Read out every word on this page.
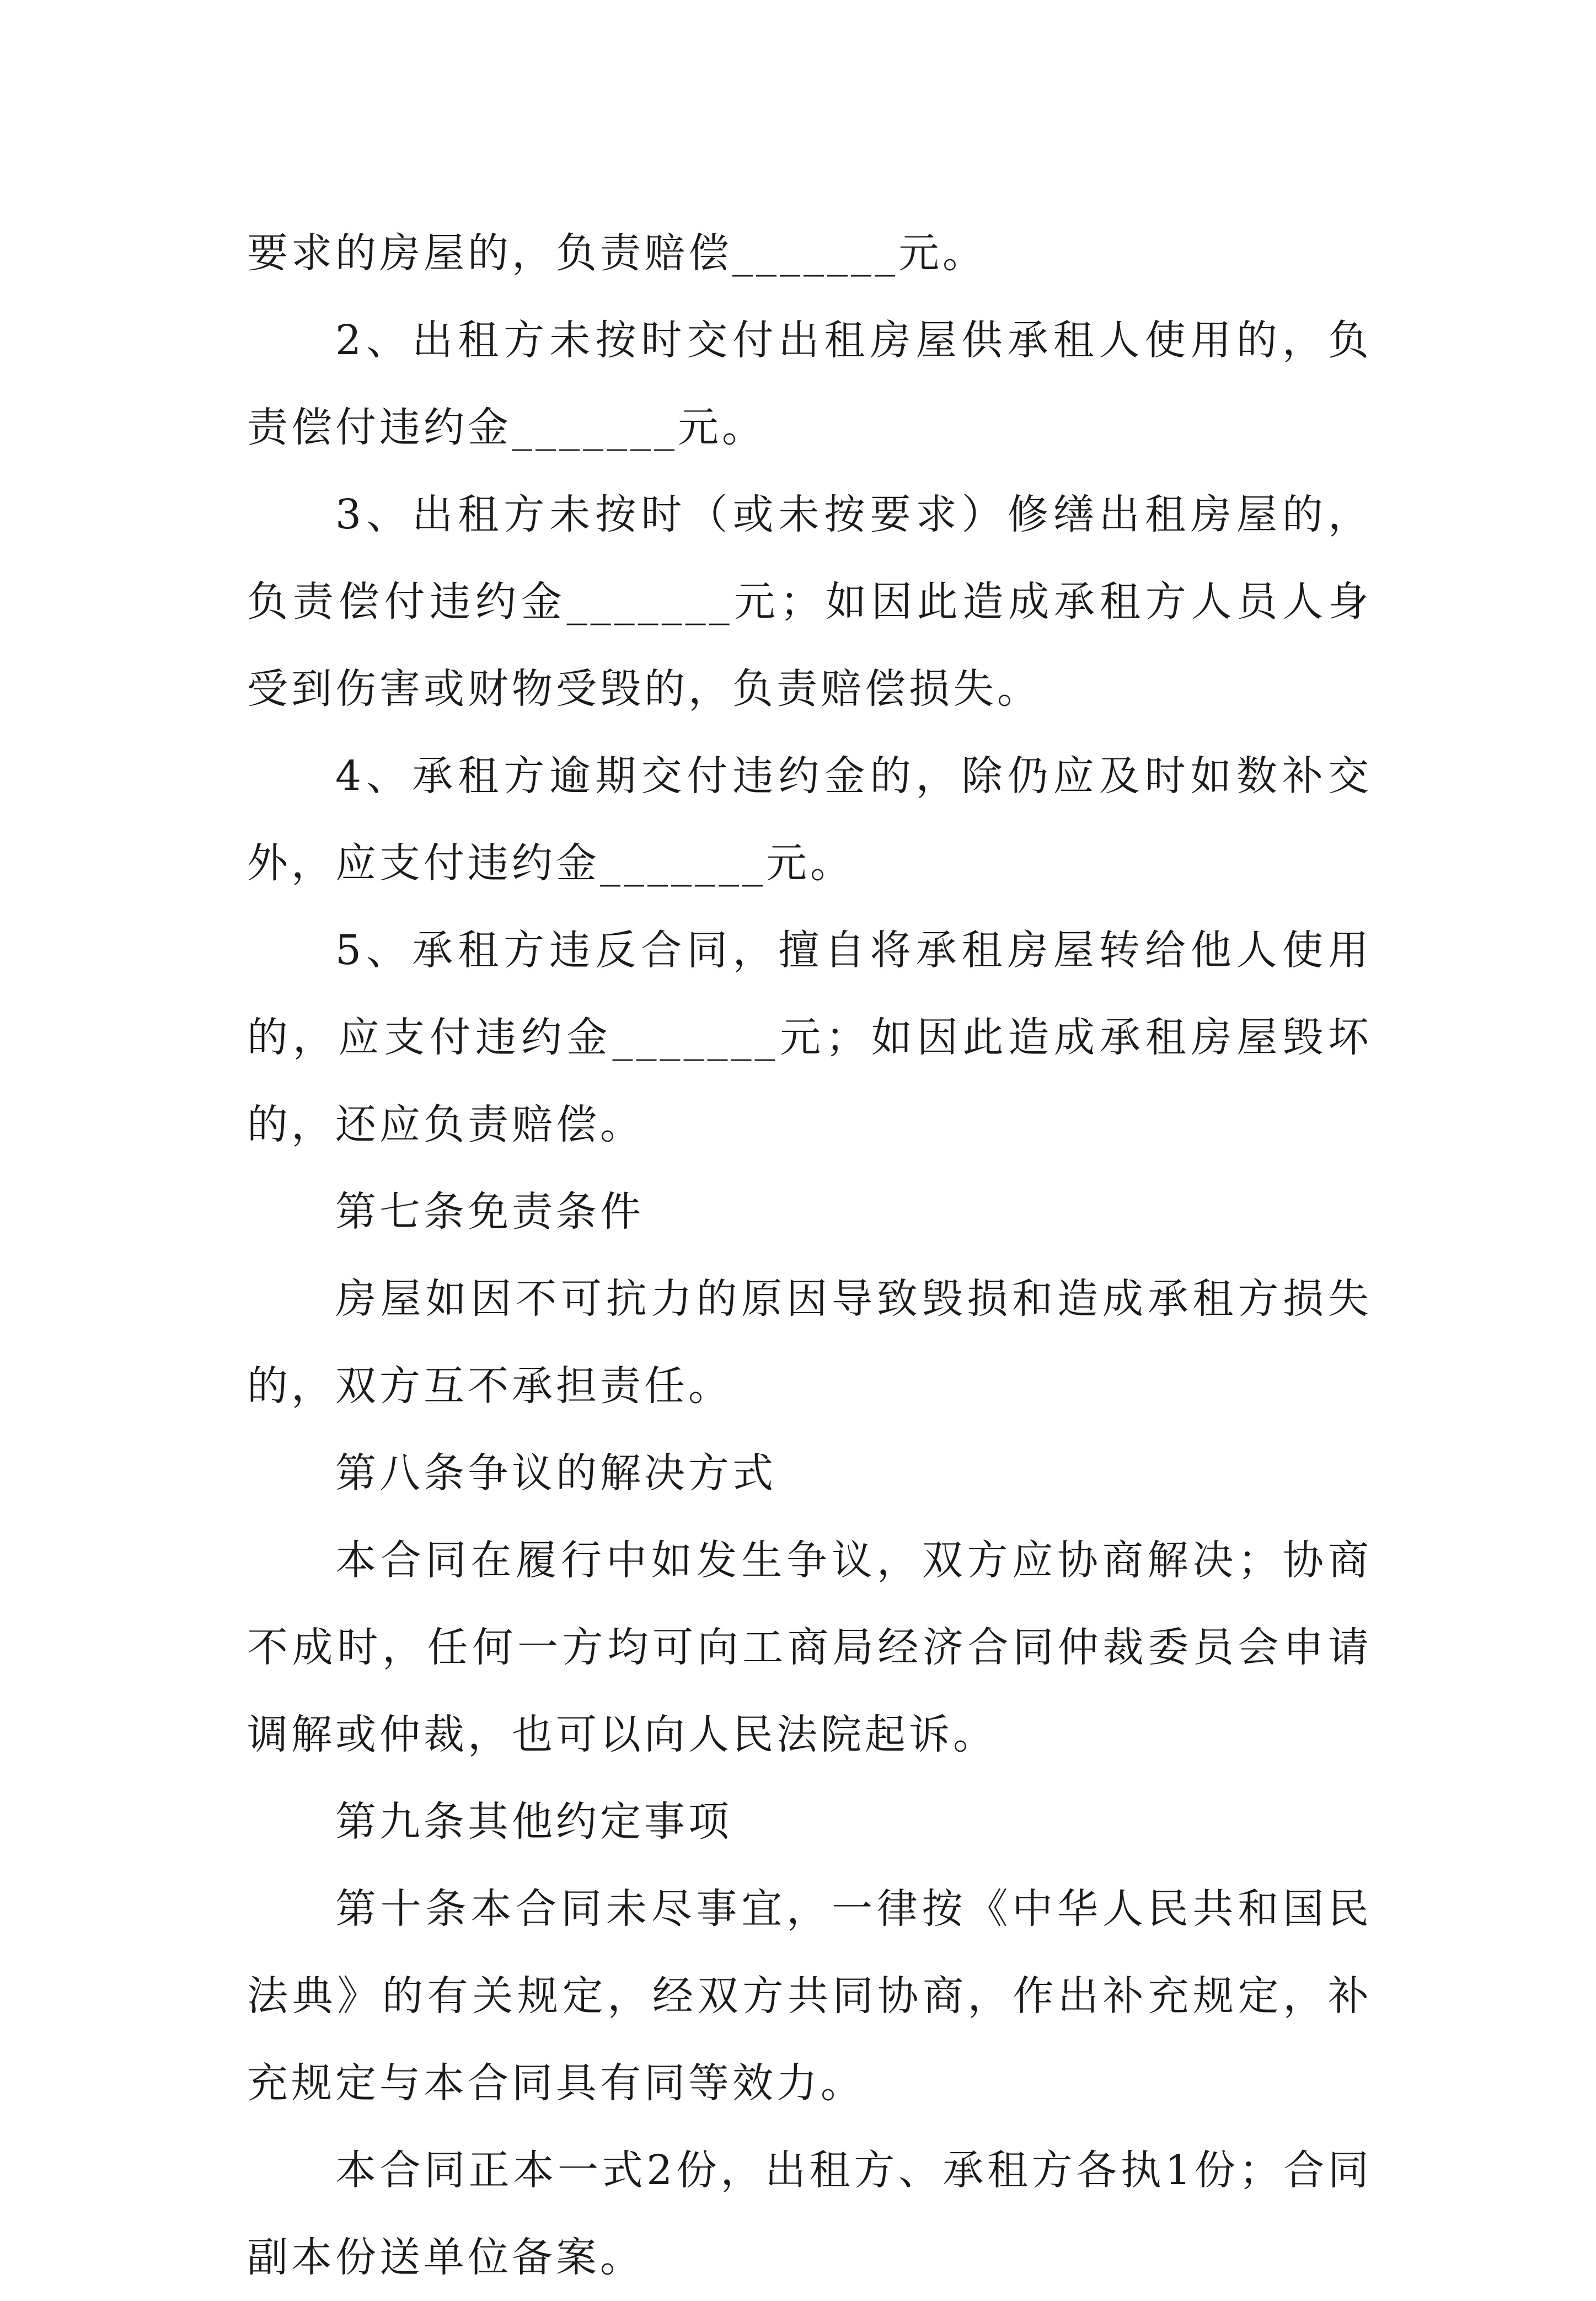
要求的房屋的，负责赔偿_______元。

2、出租方未按时交付出租房屋供承租人使用的，负责偿付违约金_______元。

3、出租方未按时（或未按要求）修缮出租房屋的，负责偿付违约金_______元；如因此造成承租方人员人身受到伤害或财物受毁的，负责赔偿损失。

4、承租方逾期交付违约金的，除仍应及时如数补交外，应支付违约金_______元。

5、承租方违反合同，擅自将承租房屋转给他人使用的，应支付违约金_______元；如因此造成承租房屋毁坏的，还应负责赔偿。

第七条免责条件

房屋如因不可抗力的原因导致毁损和造成承租方损失的，双方互不承担责任。

第八条争议的解决方式

本合同在履行中如发生争议，双方应协商解决；协商不成时，任何一方均可向工商局经济合同仲裁委员会申请调解或仲裁，也可以向人民法院起诉。

第九条其他约定事项

第十条本合同未尽事宜，一律按《中华人民共和国民法典》的有关规定，经双方共同协商，作出补充规定，补充规定与本合同具有同等效力。

本合同正本一式2份，出租方、承租方各执1份；合同副本份送单位备案。
